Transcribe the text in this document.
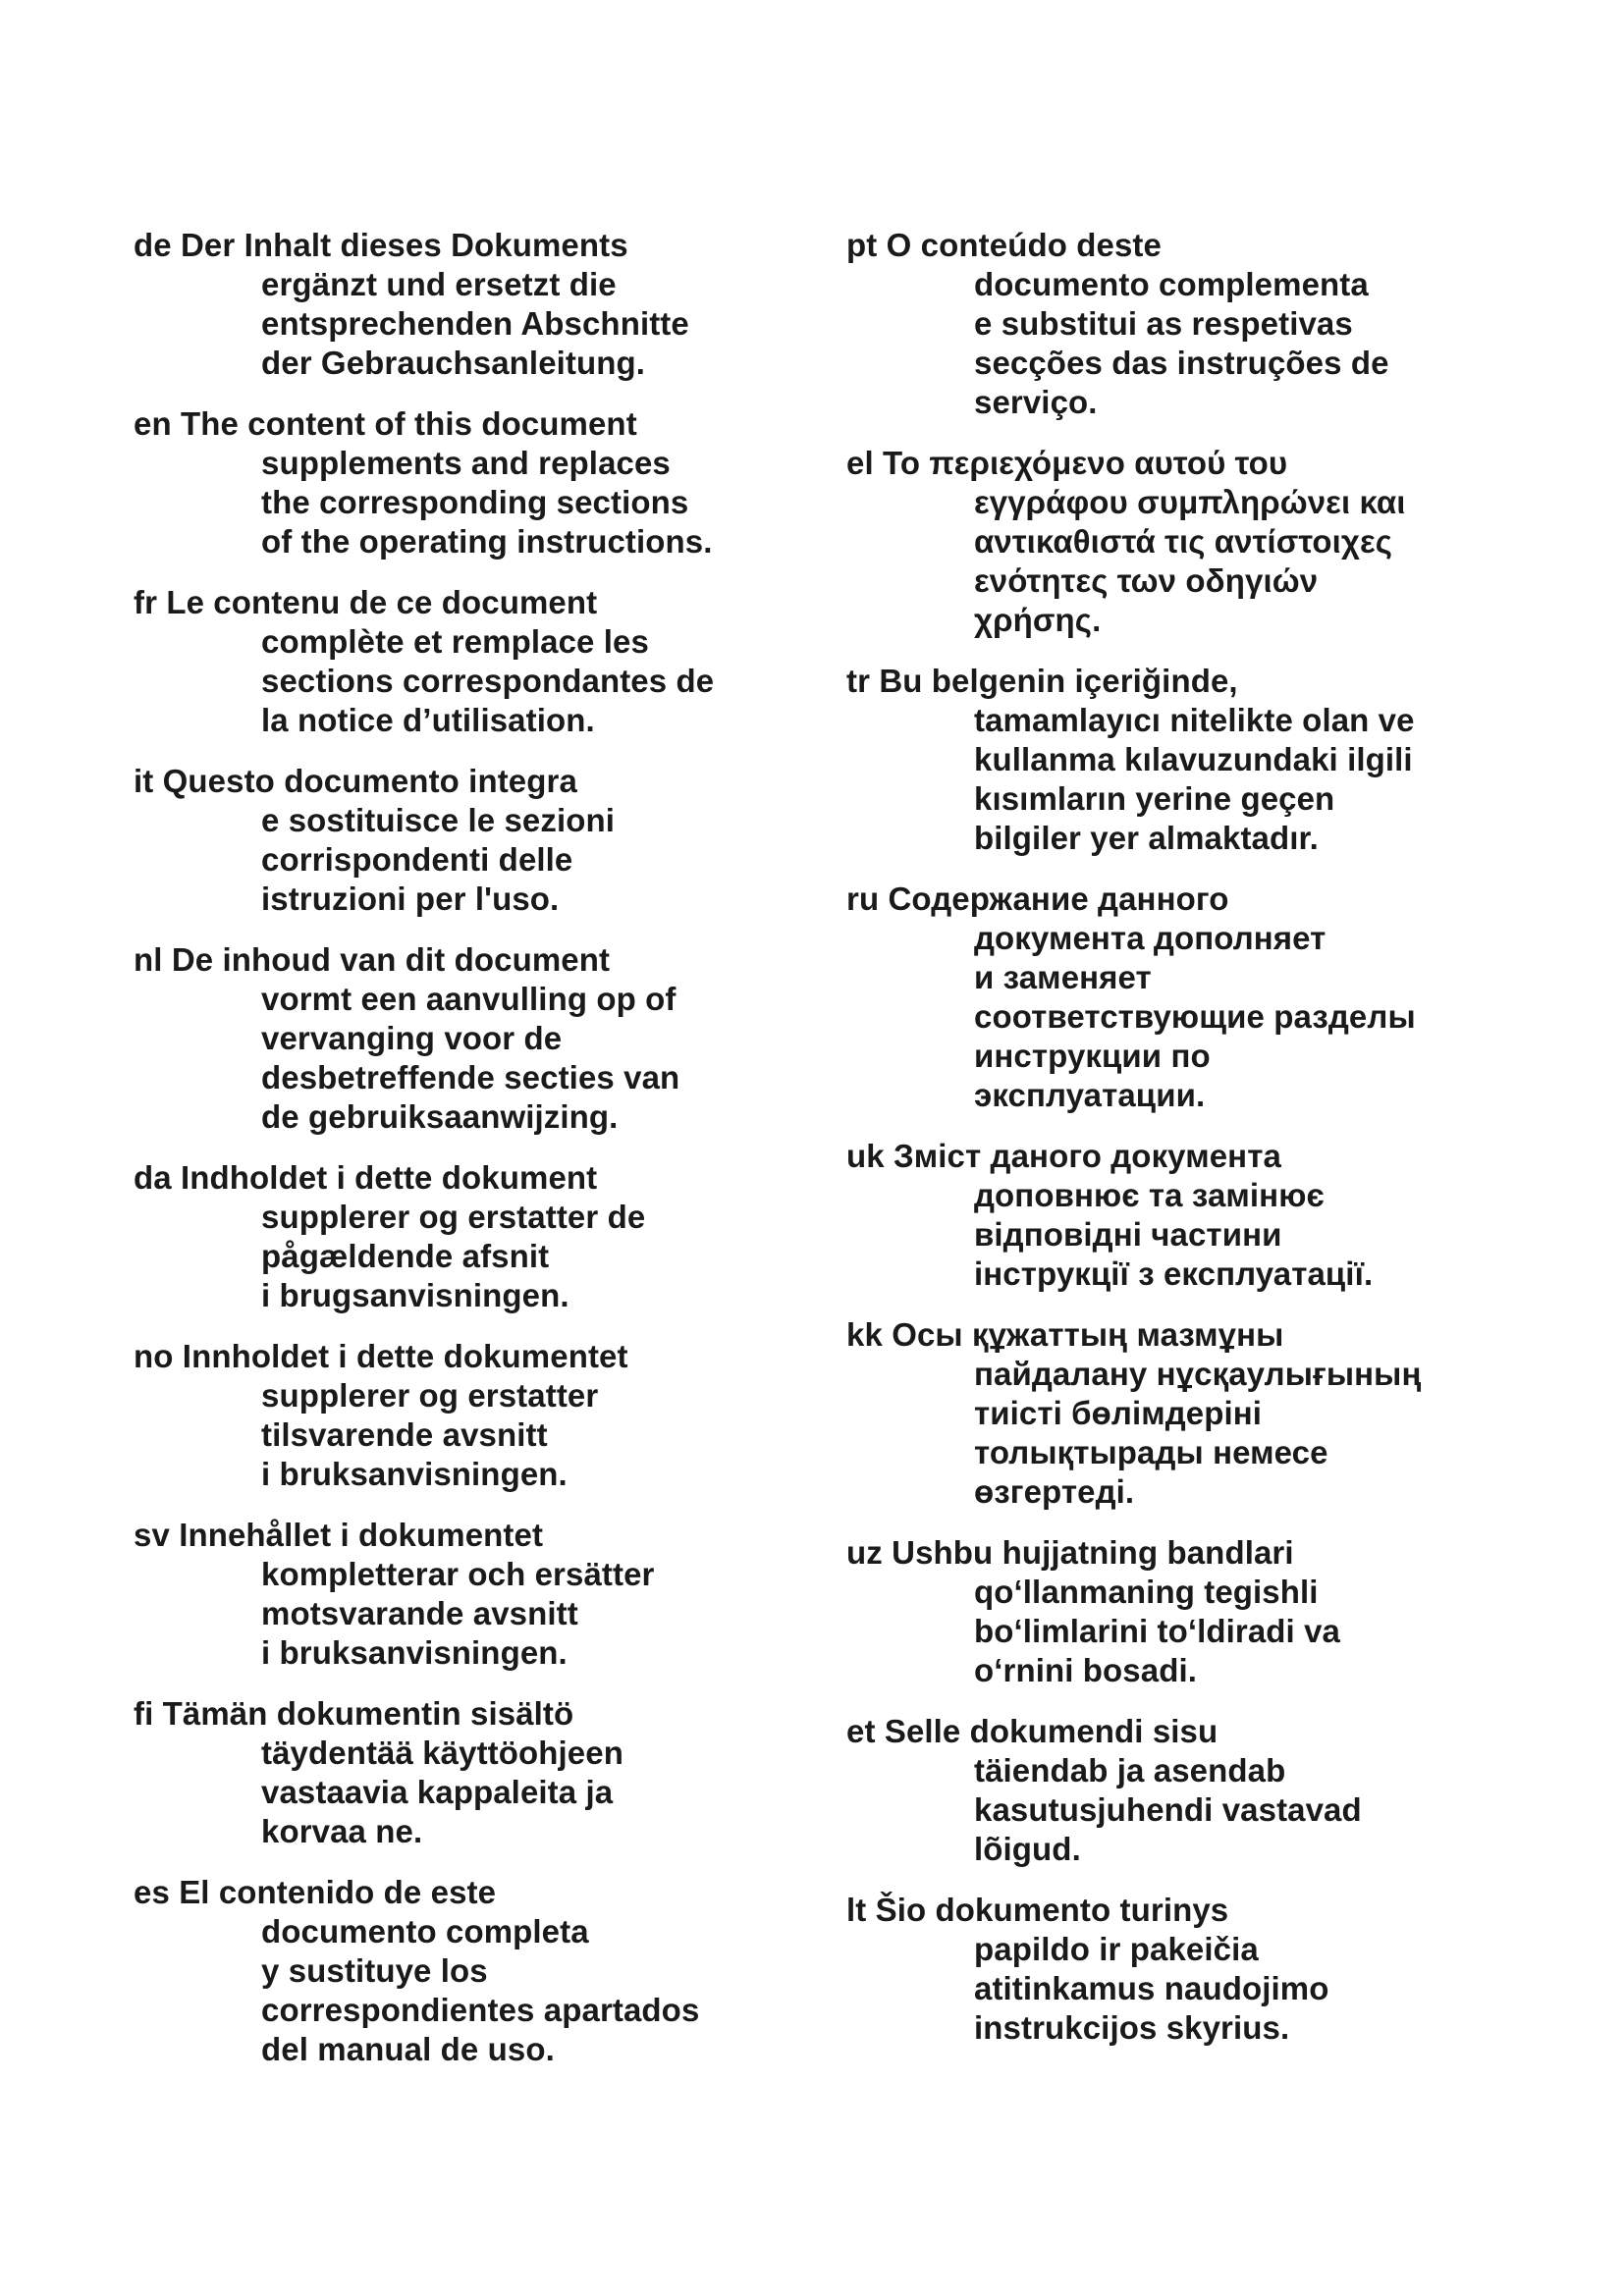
de Der Inhalt dieses Dokuments

ergänzt und ersetzt die
entsprechenden Abschnitte
der Gebrauchsanleitung.

en The content of this document

supplements and replaces
the corresponding sections
of the operating instructions.

fr Le contenu de ce document

complète et remplace les
sections correspondantes de
la notice d’utilisation.

it Questo documento integra

e sostituisce le sezioni
corrispondenti delle
istruzioni per l'uso.

nl De inhoud van dit document

vormt een aanvulling op of
vervanging voor de
desbetreffende secties van
de gebruiksaanwijzing.

da Indholdet i dette dokument

supplerer og erstatter de
pågældende afsnit
i brugsanvisningen.

no Innholdet i dette dokumentet

supplerer og erstatter
tilsvarende avsnitt
i bruksanvisningen.

sv Innehållet i dokumentet

kompletterar och ersätter
motsvarande avsnitt
i bruksanvisningen.

fi Tämän dokumentin sisältö

täydentää käyttöohjeen
vastaavia kappaleita ja
korvaa ne.

es El contenido de este

documento completa
y sustituye los
correspondientes apartados
del manual de uso.

pt O conteúdo deste

documento complementa
e substitui as respetivas
secções das instruções de
serviço.

el Το περιεχόμενο αυτού του

εγγράφου συμπληρώνει και
αντικαθιστά τις αντίστοιχες
ενότητες των οδηγιών
χρήσης.

tr Bu belgenin içeriğinde,

tamamlayıcı nitelikte olan ve
kullanma kılavuzundaki ilgili
kısımların yerine geçen
bilgiler yer almaktadır.

ru Содержание данного

документа дополняет
и заменяет
соответствующие разделы
инструкции по
эксплуатации.

uk Зміст даного документа

доповнює та замінює
відповідні частини
інструкції з експлуатації.

kk Осы құжаттың мазмұны

пайдалану нұсқаулығының
тиісті бөлімдеріні
толықтырады немесе
өзгертеді.

uz Ushbu hujjatning bandlari

qo‘llanmaning tegishli
bo‘limlarini to‘ldiradi va
o‘rnini bosadi.

et Selle dokumendi sisu

täiendab ja asendab
kasutusjuhendi vastavad
lõigud.

lt Šio dokumento turinys

papildo ir pakeičia
atitinkamus naudojimo
instrukcijos skyrius.
